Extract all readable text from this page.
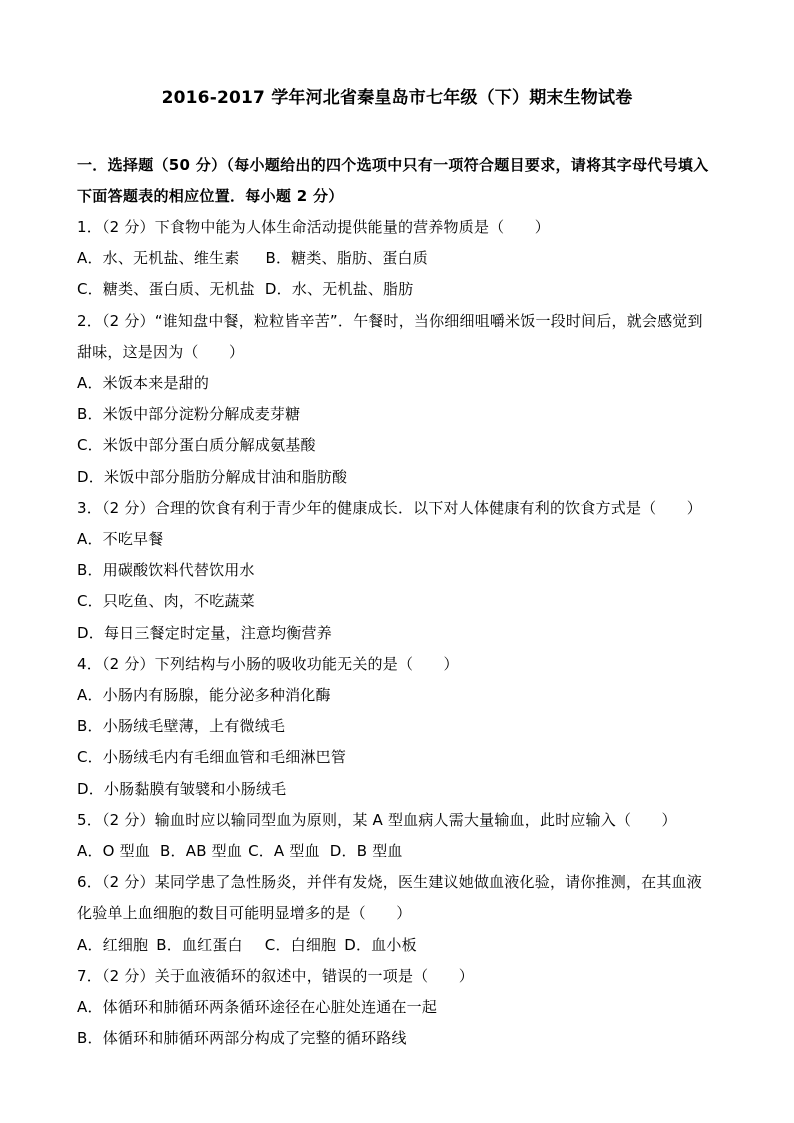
2016-2017 学年河北省秦皇岛市七年级（下）期末生物试卷

一．选择题（50 分）（每小题给出的四个选项中只有一项符合题目要求，请将其字母代号填入

下面答题表的相应位置．每小题 2 分）

1．（2 分）下食物中能为人体生命活动提供能量的营养物质是（　　）

A．水、无机盐、维生素 B．糖类、脂肪、蛋白质

C．糖类、蛋白质、无机盐 D．水、无机盐、脂肪

2．（2 分）“谁知盘中餐，粒粒皆辛苦”．午餐时，当你细细咀嚼米饭一段时间后，就会感觉到

甜味，这是因为（　　）

A．米饭本来是甜的

B．米饭中部分淀粉分解成麦芽糖

C．米饭中部分蛋白质分解成氨基酸

D．米饭中部分脂肪分解成甘油和脂肪酸

3．（2 分）合理的饮食有利于青少年的健康成长．以下对人体健康有利的饮食方式是（　　）

A．不吃早餐

B．用碳酸饮料代替饮用水

C．只吃鱼、肉，不吃蔬菜

D．每日三餐定时定量，注意均衡营养

4．（2 分）下列结构与小肠的吸收功能无关的是（　　）

A．小肠内有肠腺，能分泌多种消化酶

B．小肠绒毛壁薄，上有微绒毛

C．小肠绒毛内有毛细血管和毛细淋巴管

D．小肠黏膜有皱襞和小肠绒毛

5．（2 分）输血时应以输同型血为原则，某 A 型血病人需大量输血，此时应输入（　　）

A．O 型血 B．AB 型血 C．A 型血 D．B 型血

6．（2 分）某同学患了急性肠炎，并伴有发烧，医生建议她做血液化验，请你推测，在其血液

化验单上血细胞的数目可能明显增多的是（　　）

A．红细胞 B．血红蛋白 C．白细胞 D．血小板

7．（2 分）关于血液循环的叙述中，错误的一项是（　　）

A．体循环和肺循环两条循环途径在心脏处连通在一起

B．体循环和肺循环两部分构成了完整的循环路线
